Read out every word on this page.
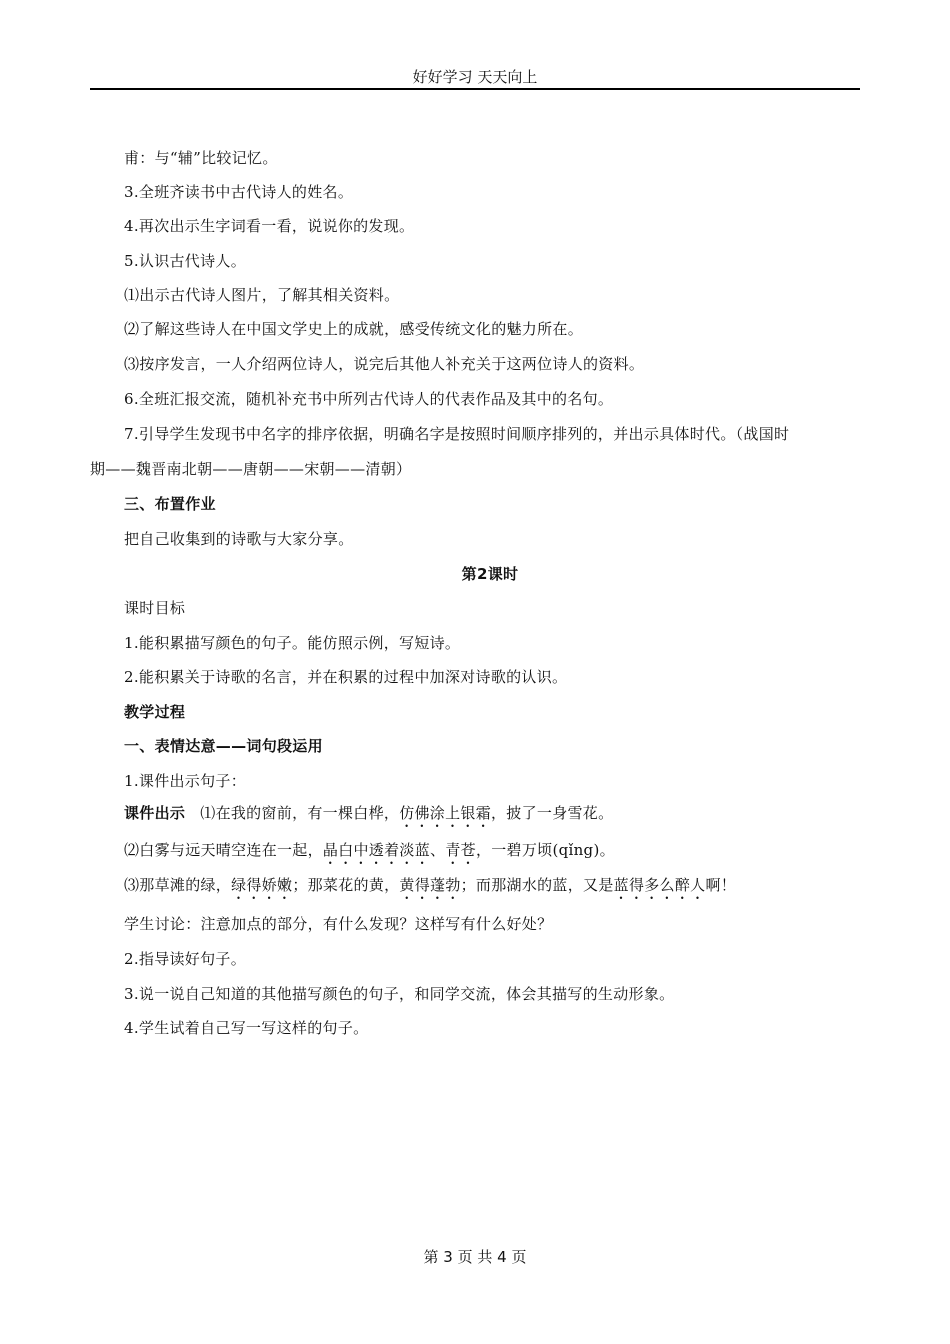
好好学习 天天向上
甫：与“辅”比较记忆。
3.全班齐读书中古代诗人的姓名。
4.再次出示生字词看一看，说说你的发现。
5.认识古代诗人。
⑴出示古代诗人图片，了解其相关资料。
⑵了解这些诗人在中国文学史上的成就，感受传统文化的魅力所在。
⑶按序发言，一人介绍两位诗人，说完后其他人补充关于这两位诗人的资料。
6.全班汇报交流，随机补充书中所列古代诗人的代表作品及其中的名句。
7.引导学生发现书中名字的排序依据，明确名字是按照时间顺序排列的，并出示具体时代。（战国时
期——魏晋南北朝——唐朝——宋朝——清朝）
三、布置作业
把自己收集到的诗歌与大家分享。
第2课时
课时目标
1.能积累描写颜色的句子。能仿照示例，写短诗。
2.能积累关于诗歌的名言，并在积累的过程中加深对诗歌的认识。
教学过程
一、表情达意——词句段运用
1.课件出示句子：
课件出示 ⑴在我的窗前，有一棵白桦，仿佛涂上银霜，披了一身雪花。
⑵白雾与远天晴空连在一起，晶白中透着淡蓝、青苍，一碧万顷(qǐng)。
⑶那草滩的绿，绿得娇嫩；那菜花的黄，黄得蓬勃；而那湖水的蓝，又是蓝得多么醉人啊！
学生讨论：注意加点的部分，有什么发现？这样写有什么好处？
2.指导读好句子。
3.说一说自己知道的其他描写颜色的句子，和同学交流，体会其描写的生动形象。
4.学生试着自己写一写这样的句子。
第 3 页 共 4 页
